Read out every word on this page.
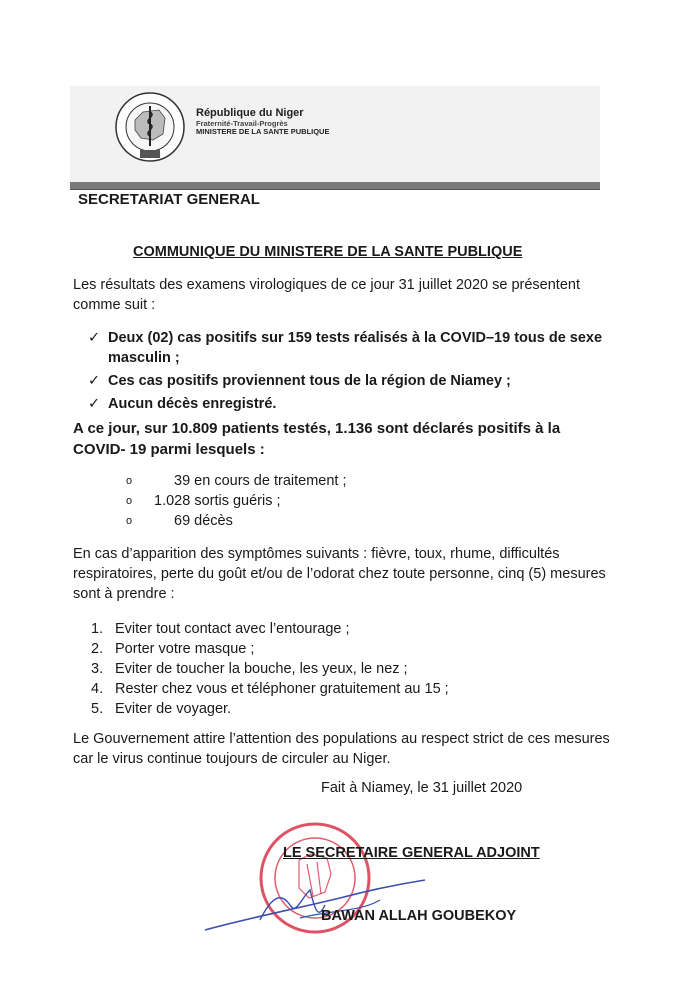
République du Niger
Fraternité-Travail-Progrès
MINISTERE DE LA SANTE PUBLIQUE
SECRETARIAT GENERAL
COMMUNIQUE DU MINISTERE DE LA SANTE PUBLIQUE
Les résultats des examens virologiques de ce jour 31 juillet 2020 se présentent comme suit :
✓ Deux (02) cas positifs sur 159 tests réalisés à la COVID–19 tous de sexe masculin ;
✓ Ces cas positifs proviennent tous de la région de Niamey ;
✓ Aucun décès enregistré.
A ce jour, sur 10.809 patients testés, 1.136 sont déclarés positifs à la COVID- 19 parmi lesquels :
o	39 en cours de traitement ;
o	1.028 sortis guéris ;
o	69 décès
En cas d’apparition des symptômes suivants : fièvre, toux, rhume, difficultés respiratoires, perte du goût et/ou de l’odorat chez toute personne, cinq (5) mesures sont à prendre :
1. Eviter tout contact avec l’entourage ;
2. Porter votre masque ;
3. Eviter de toucher la bouche, les yeux, le nez ;
4. Rester chez vous et téléphoner gratuitement au 15 ;
5. Eviter de voyager.
Le Gouvernement attire l’attention des populations au respect strict de ces mesures car le virus continue toujours de circuler au Niger.
Fait à Niamey, le 31 juillet 2020
LE SECRETAIRE GENERAL ADJOINT
BAWAN ALLAH GOUBEKOY
